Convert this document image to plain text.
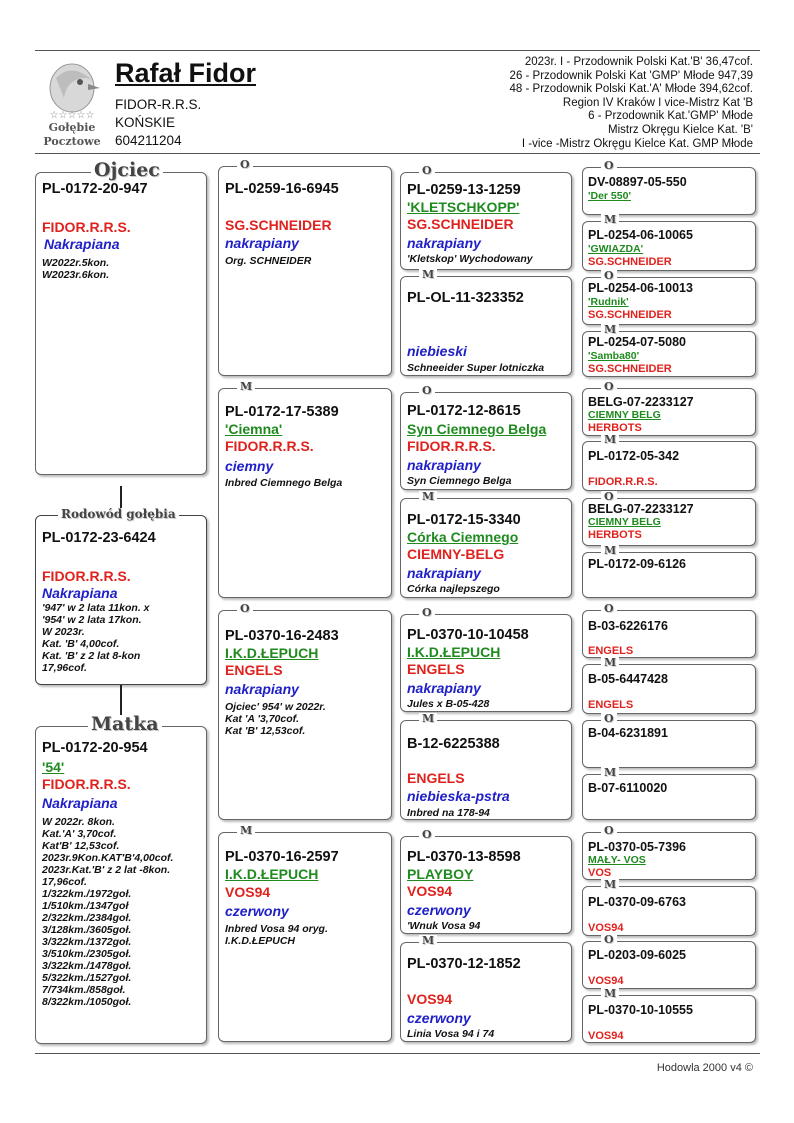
☆☆☆☆☆
Gołębie
Pocztowe
Rafał Fidor
FIDOR-R.R.S.
KOŃSKIE
604211204
2023r. I - Przodownik Polski Kat.'B' 36,47cof.
26 - Przodownik Polski Kat 'GMP' Młode 947,39
48 - Przodownik Polski Kat.'A' Młode 394,62cof.
Region IV Kraków I vice-Mistrz Kat 'B
6 - Przodownik Kat.'GMP' Młode
Mistrz Okręgu Kielce Kat. 'B'
I -vice -Mistrz Okręgu Kielce Kat. GMP Młode
Ojciec
PL-0172-20-947
FIDOR.R.R.S.
Nakrapiana
W2022r.5kon.
W2023r.6kon.
Rodowód gołębia
PL-0172-23-6424
FIDOR.R.R.S.
Nakrapiana
'947' w 2 lata 11kon. x
'954' w 2 lata 17kon.
W 2023r.
Kat. 'B' 4,00cof.
Kat. 'B' z 2 lat 8-kon
17,96cof.
Matka
PL-0172-20-954
'54'
FIDOR.R.R.S.
Nakrapiana
W 2022r. 8kon.
Kat.'A' 3,70cof.
Kat'B' 12,53cof.
2023r.9Kon.KAT'B'4,00cof.
2023r.Kat.'B' z 2 lat -8kon.
17,96cof.
1/322km./1972goł.
1/510km./1347goł
2/322km./2384goł.
3/128km./3605goł.
3/322km./1372goł.
3/510km./2305goł.
3/322km./1478goł.
5/322km./1527goł.
7/734km./858goł.
8/322km./1050goł.
O
PL-0259-16-6945
SG.SCHNEIDER
nakrapiany
Org. SCHNEIDER
M
PL-0172-17-5389
'Ciemna'
FIDOR.R.R.S.
ciemny
Inbred Ciemnego Belga
O
PL-0370-16-2483
I.K.D.ŁEPUCH
ENGELS
nakrapiany
Ojciec' 954' w 2022r.
Kat 'A '3,70cof.
Kat 'B' 12,53cof.
M
PL-0370-16-2597
I.K.D.ŁEPUCH
VOS94
czerwony
Inbred Vosa 94 oryg.
I.K.D.ŁEPUCH
O
PL-0259-13-1259
'KLETSCHKOPP'
SG.SCHNEIDER
nakrapiany
'Kletskop' Wychodowany
M
PL-OL-11-323352
niebieski
Schneeider Super lotniczka
O
PL-0172-12-8615
Syn Ciemnego Belga
FIDOR.R.R.S.
nakrapiany
Syn Ciemnego Belga
M
PL-0172-15-3340
Córka Ciemnego
CIEMNY-BELG
nakrapiany
Córka najlepszego
O
PL-0370-10-10458
I.K.D.ŁEPUCH
ENGELS
nakrapiany
Jules x B-05-428
M
B-12-6225388
ENGELS
niebieska-pstra
Inbred na 178-94
O
PL-0370-13-8598
PLAYBOY
VOS94
czerwony
'Wnuk Vosa 94
M
PL-0370-12-1852
VOS94
czerwony
Linia Vosa 94 i 74
O
DV-08897-05-550
'Der 550'
M
PL-0254-06-10065
'GWIAZDA'
SG.SCHNEIDER
O
PL-0254-06-10013
'Rudnik'
SG.SCHNEIDER
M
PL-0254-07-5080
'Samba80'
SG.SCHNEIDER
O
BELG-07-2233127
CIEMNY BELG
HERBOTS
M
PL-0172-05-342
FIDOR.R.R.S.
O
BELG-07-2233127
CIEMNY BELG
HERBOTS
M
PL-0172-09-6126
O
B-03-6226176
ENGELS
M
B-05-6447428
ENGELS
O
B-04-6231891
M
B-07-6110020
O
PL-0370-05-7396
MAŁY- VOS
VOS
M
PL-0370-09-6763
VOS94
O
PL-0203-09-6025
VOS94
M
PL-0370-10-10555
VOS94
Hodowla 2000 v4 ©
